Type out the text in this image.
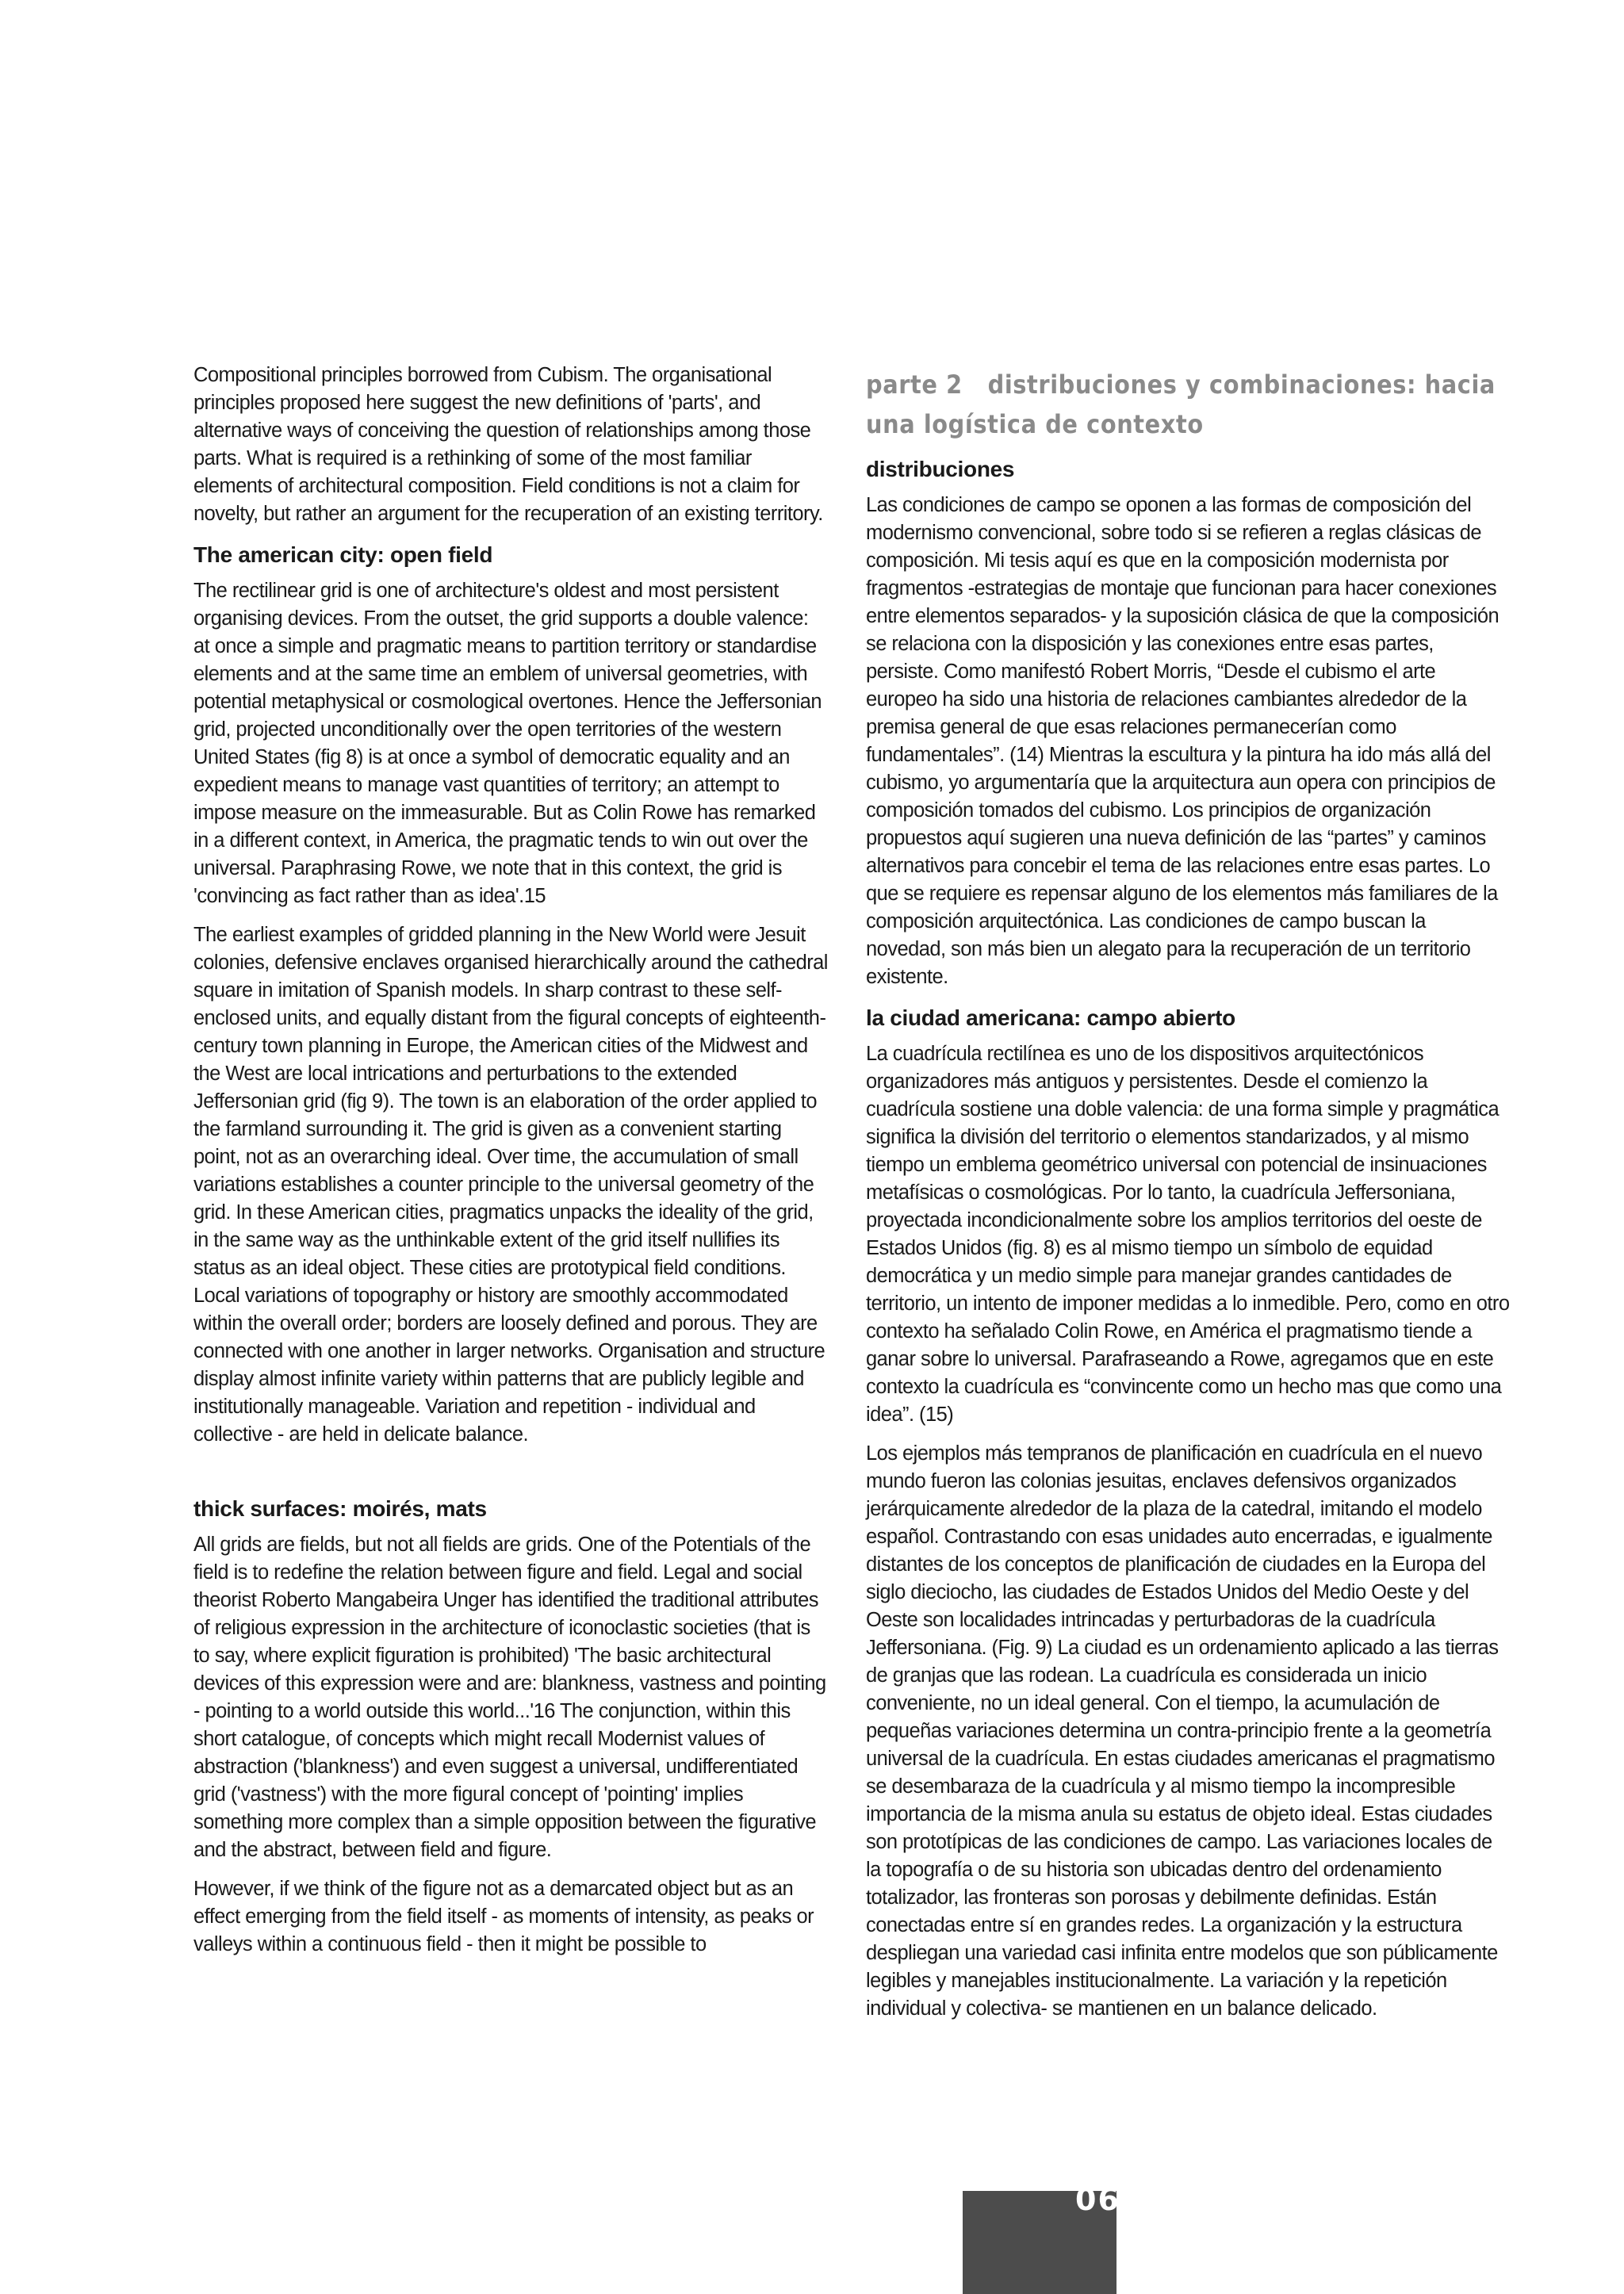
Compositional principles borrowed from Cubism. The organisational principles proposed here suggest the new definitions of 'parts', and alternative ways of conceiving the question of relationships among those parts. What is required is a rethinking of some of the most familiar elements of architectural composition. Field conditions is not a claim for novelty, but rather an argument for the recuperation of an existing territory.

The american city: open field

The rectilinear grid is one of architecture's oldest and most persistent organising devices. From the outset, the grid supports a double valence: at once a simple and pragmatic means to partition territory or standardise elements and at the same time an emblem of universal geometries, with potential metaphysical or cosmological overtones. Hence the Jeffersonian grid, projected unconditionally over the open territories of the western United States (fig 8) is at once a symbol of democratic equality and an expedient means to manage vast quantities of territory; an attempt to impose measure on the immeasurable. But as Colin Rowe has remarked in a different context, in America, the pragmatic tends to win out over the universal. Paraphrasing Rowe, we note that in this context, the grid is 'convincing as fact rather than as idea'.15

The earliest examples of gridded planning in the New World were Jesuit colonies, defensive enclaves organised hierarchically around the cathedral square in imitation of Spanish models. In sharp contrast to these self-enclosed units, and equally distant from the figural concepts of eighteenth-century town planning in Europe, the American cities of the Midwest and the West are local intrications and perturbations to the extended Jeffersonian grid (fig 9). The town is an elaboration of the order applied to the farmland surrounding it. The grid is given as a convenient starting point, not as an overarching ideal. Over time, the accumulation of small variations establishes a counter principle to the universal geometry of the grid. In these American cities, pragmatics unpacks the ideality of the grid, in the same way as the unthinkable extent of the grid itself nullifies its status as an ideal object. These cities are prototypical field conditions. Local variations of topography or history are smoothly accommodated within the overall order; borders are loosely defined and porous. They are connected with one another in larger networks. Organisation and structure display almost infinite variety within patterns that are publicly legible and institutionally manageable. Variation and repetition - individual and collective - are held in delicate balance.

thick surfaces: moirés, mats

All grids are fields, but not all fields are grids. One of the Potentials of the field is to redefine the relation between figure and field. Legal and social theorist Roberto Mangabeira Unger has identified the traditional attributes of religious expression in the architecture of iconoclastic societies (that is to say, where explicit figuration is prohibited) 'The basic architectural devices of this expression were and are: blankness, vastness and pointing - pointing to a world outside this world...'16 The conjunction, within this short catalogue, of concepts which might recall Modernist values of abstraction ('blankness') and even suggest a universal, undifferentiated grid ('vastness') with the more figural concept of 'pointing' implies something more complex than a simple opposition between the figurative and the abstract, between field and figure.

However, if we think of the figure not as a demarcated object but as an effect emerging from the field itself - as moments of intensity, as peaks or valleys within a continuous field - then it might be possible to

parte 2   distribuciones y combinaciones: hacia una logística de contexto
distribuciones

Las condiciones de campo se oponen a las formas de composición del modernismo convencional, sobre todo si se refieren a reglas clásicas de composición. Mi tesis aquí es que en la composición modernista por fragmentos -estrategias de montaje que funcionan para hacer conexiones entre elementos separados- y la suposición clásica de que la composición se relaciona con la disposición y las conexiones entre esas partes, persiste. Como manifestó Robert Morris, “Desde el cubismo el arte europeo ha sido una historia de relaciones cambiantes alrededor de la premisa general de que esas relaciones permanecerían como fundamentales”. (14) Mientras la escultura y la pintura ha ido más allá del cubismo, yo argumentaría que la arquitectura aun opera con principios de composición tomados del cubismo. Los principios de organización propuestos aquí sugieren una nueva definición de las “partes” y caminos alternativos para concebir el tema de las relaciones entre esas partes. Lo que se requiere es repensar alguno de los elementos más familiares de la composición arquitectónica. Las condiciones de campo buscan la novedad, son más bien un alegato para la recuperación de un territorio existente.

la ciudad americana: campo abierto

La cuadrícula rectilínea es uno de los dispositivos arquitectónicos organizadores más antiguos y persistentes. Desde el comienzo la cuadrícula sostiene una doble valencia: de una forma simple y pragmática significa la división del territorio o elementos standarizados, y al mismo tiempo un emblema geométrico universal con potencial de insinuaciones metafísicas o cosmológicas. Por lo tanto, la cuadrícula Jeffersoniana, proyectada incondicionalmente sobre los amplios territorios del oeste de Estados Unidos (fig. 8) es al mismo tiempo un símbolo de equidad democrática y un medio simple para manejar grandes cantidades de territorio, un intento de imponer medidas a lo inmedible. Pero, como en otro contexto ha señalado Colin Rowe, en América el pragmatismo tiende a ganar sobre lo universal. Parafraseando a Rowe, agregamos que en este contexto la cuadrícula es “convincente como un hecho mas que como una idea”. (15)

Los ejemplos más tempranos de planificación en cuadrícula en el nuevo mundo fueron las colonias jesuitas, enclaves defensivos organizados jerárquicamente alrededor de la plaza de la catedral, imitando el modelo español. Contrastando con esas unidades auto encerradas, e igualmente distantes de los conceptos de planificación de ciudades en la Europa del siglo dieciocho, las ciudades de Estados Unidos del Medio Oeste y del Oeste son localidades intrincadas y perturbadoras de la cuadrícula Jeffersoniana. (Fig. 9) La ciudad es un ordenamiento aplicado a las tierras de granjas que las rodean. La cuadrícula es considerada un inicio conveniente, no un ideal general. Con el tiempo, la acumulación de pequeñas variaciones determina un contra-principio frente a la geometría universal de la cuadrícula. En estas ciudades americanas el pragmatismo se desembaraza de la cuadrícula y al mismo tiempo la incompresible importancia de la misma anula su estatus de objeto ideal. Estas ciudades son prototípicas de las condiciones de campo. Las variaciones locales de la topografía o de su historia son ubicadas dentro del ordenamiento totalizador, las fronteras son porosas y debilmente definidas. Están conectadas entre sí en grandes redes. La organización y la estructura despliegan una variedad casi infinita entre modelos que son públicamente legibles y manejables institucionalmente. La variación y la repetición individual y colectiva- se mantienen en un balance delicado.

06
